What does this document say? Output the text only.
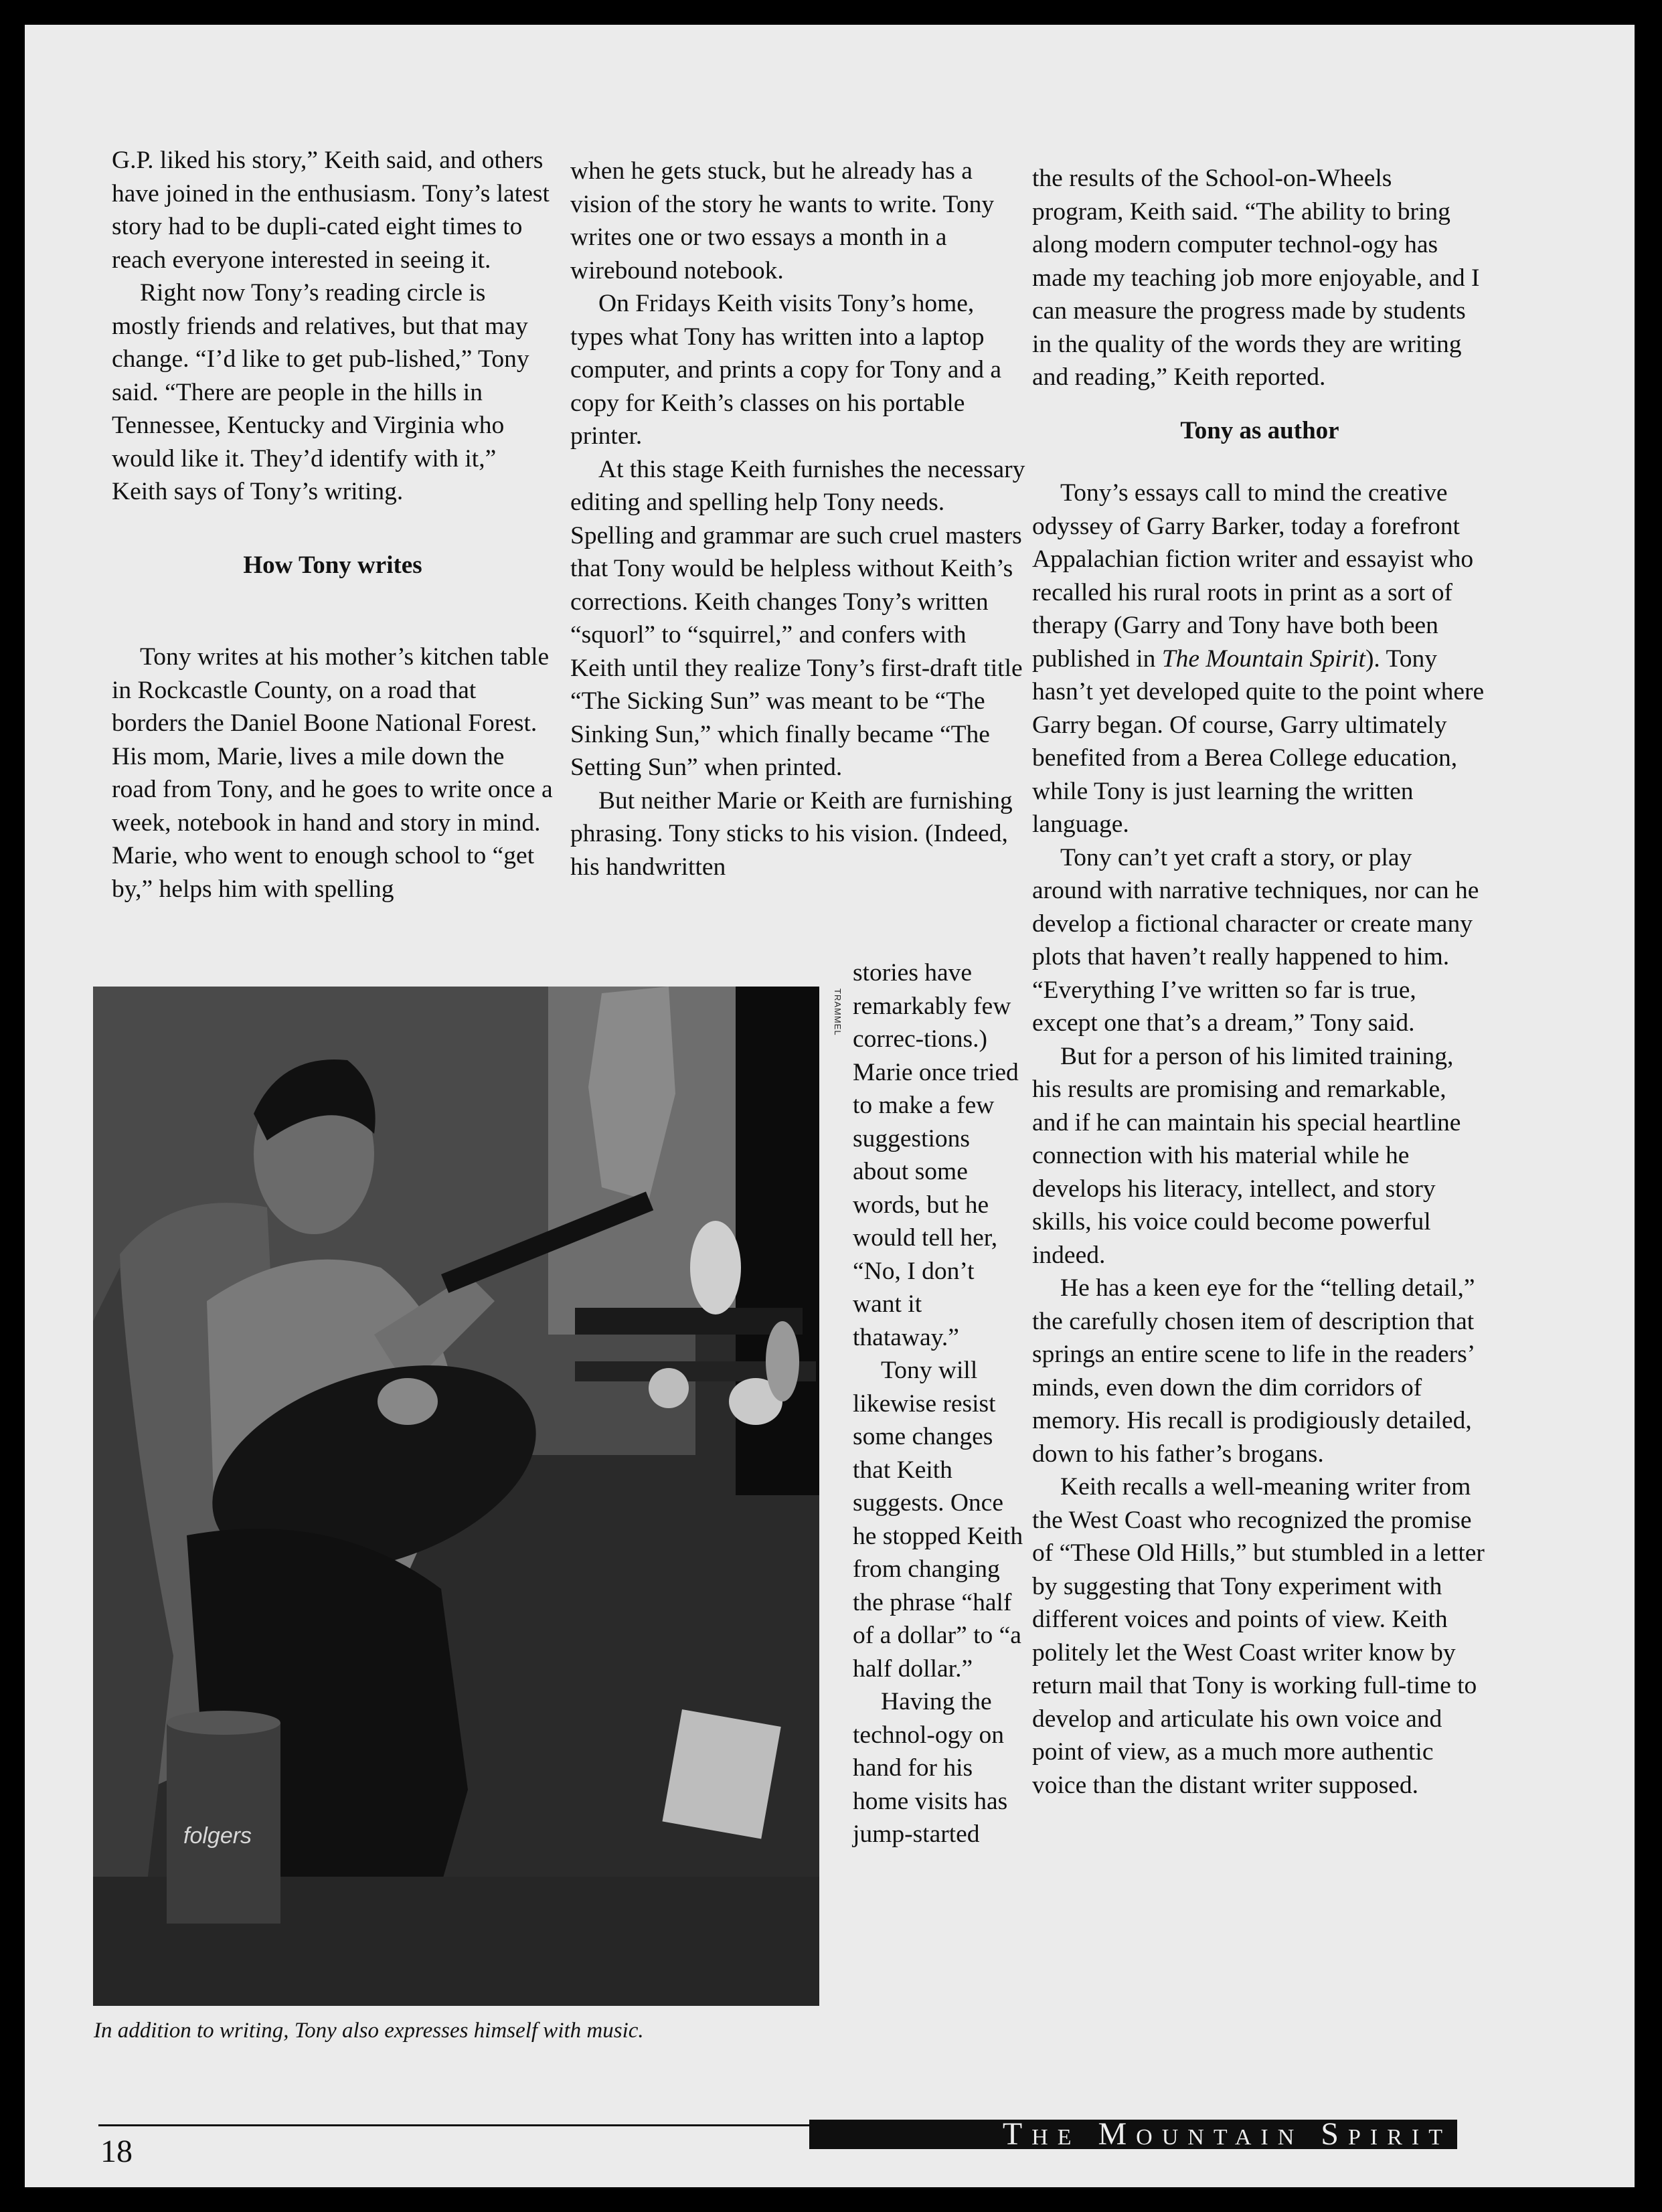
G.P. liked his story,” Keith said, and others have joined in the enthusiasm. Tony’s latest story had to be dupli-cated eight times to reach everyone interested in seeing it.

Right now Tony’s reading circle is mostly friends and relatives, but that may change. “I’d like to get pub-lished,” Tony said. “There are people in the hills in Tennessee, Kentucky and Virginia who would like it. They’d identify with it,” Keith says of Tony’s writing.

How Tony writes

Tony writes at his mother’s kitchen table in Rockcastle County, on a road that borders the Daniel Boone National Forest. His mom, Marie, lives a mile down the road from Tony, and he goes to write once a week, notebook in hand and story in mind. Marie, who went to enough school to “get by,” helps him with spelling

when he gets stuck, but he already has a vision of the story he wants to write. Tony writes one or two essays a month in a wirebound notebook.

On Fridays Keith visits Tony’s home, types what Tony has written into a laptop computer, and prints a copy for Tony and a copy for Keith’s classes on his portable printer.

At this stage Keith furnishes the necessary editing and spelling help Tony needs. Spelling and grammar are such cruel masters that Tony would be helpless without Keith’s corrections. Keith changes Tony’s written “squorl” to “squirrel,” and confers with Keith until they realize Tony’s first-draft title “The Sicking Sun” was meant to be “The Sinking Sun,” which finally became “The Setting Sun” when printed.

But neither Marie or Keith are furnishing phrasing. Tony sticks to his vision. (Indeed, his handwritten

stories have remarkably few correc-tions.) Marie once tried to make a few suggestions about some words, but he would tell her, “No, I don’t want it thataway.”

Tony will likewise resist some changes that Keith suggests. Once he stopped Keith from changing the phrase “half of a dollar” to “a half dollar.”

Having the technol-ogy on hand for his home visits has jump-started

the results of the School-on-Wheels program, Keith said. “The ability to bring along modern computer technol-ogy has made my teaching job more enjoyable, and I can measure the progress made by students in the quality of the words they are writing and reading,” Keith reported.

Tony as author

Tony’s essays call to mind the creative odyssey of Garry Barker, today a forefront Appalachian fiction writer and essayist who recalled his rural roots in print as a sort of therapy (Garry and Tony have both been published in The Mountain Spirit). Tony hasn’t yet developed quite to the point where Garry began. Of course, Garry ultimately benefited from a Berea College education, while Tony is just learning the written language.

Tony can’t yet craft a story, or play around with narrative techniques, nor can he develop a fictional character or create many plots that haven’t really happened to him. “Everything I’ve written so far is true, except one that’s a dream,” Tony said.

But for a person of his limited training, his results are promising and remarkable, and if he can maintain his special heartline connection with his material while he develops his literacy, intellect, and story skills, his voice could become powerful indeed.

He has a keen eye for the “telling detail,” the carefully chosen item of description that springs an entire scene to life in the readers’ minds, even down the dim corridors of memory. His recall is prodigiously detailed, down to his father’s brogans.

Keith recalls a well-meaning writer from the West Coast who recognized the promise of “These Old Hills,” but stumbled in a letter by suggesting that Tony experiment with different voices and points of view. Keith politely let the West Coast writer know by return mail that Tony is working full-time to develop and articulate his own voice and point of view, as a much more authentic voice than the distant writer supposed.

folgers
TRAMMEL
In addition to writing, Tony also expresses himself with music.
18	The Mountain Spirit
